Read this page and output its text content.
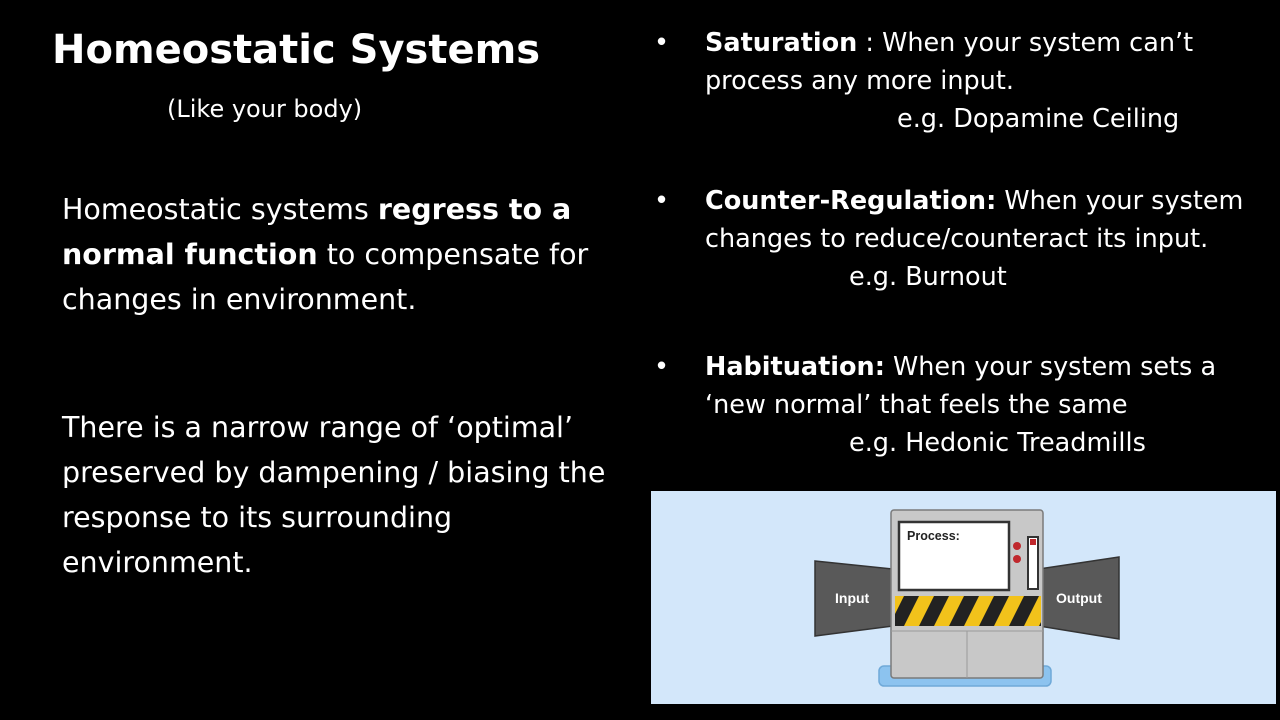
Homeostatic Systems
(Like your body)
Homeostatic systems regress to a normal function to compensate for changes in environment.
There is a narrow range of ‘optimal’ preserved by dampening / biasing the response to its surrounding environment.
• Saturation : When your system can’t process any more input.
e.g. Dopamine Ceiling
• Counter-Regulation: When your system changes to reduce/counteract its input.
e.g. Burnout
• Habituation: When your system sets a ‘new normal’ that feels the same
e.g. Hedonic Treadmills
Process:
Input	Output
